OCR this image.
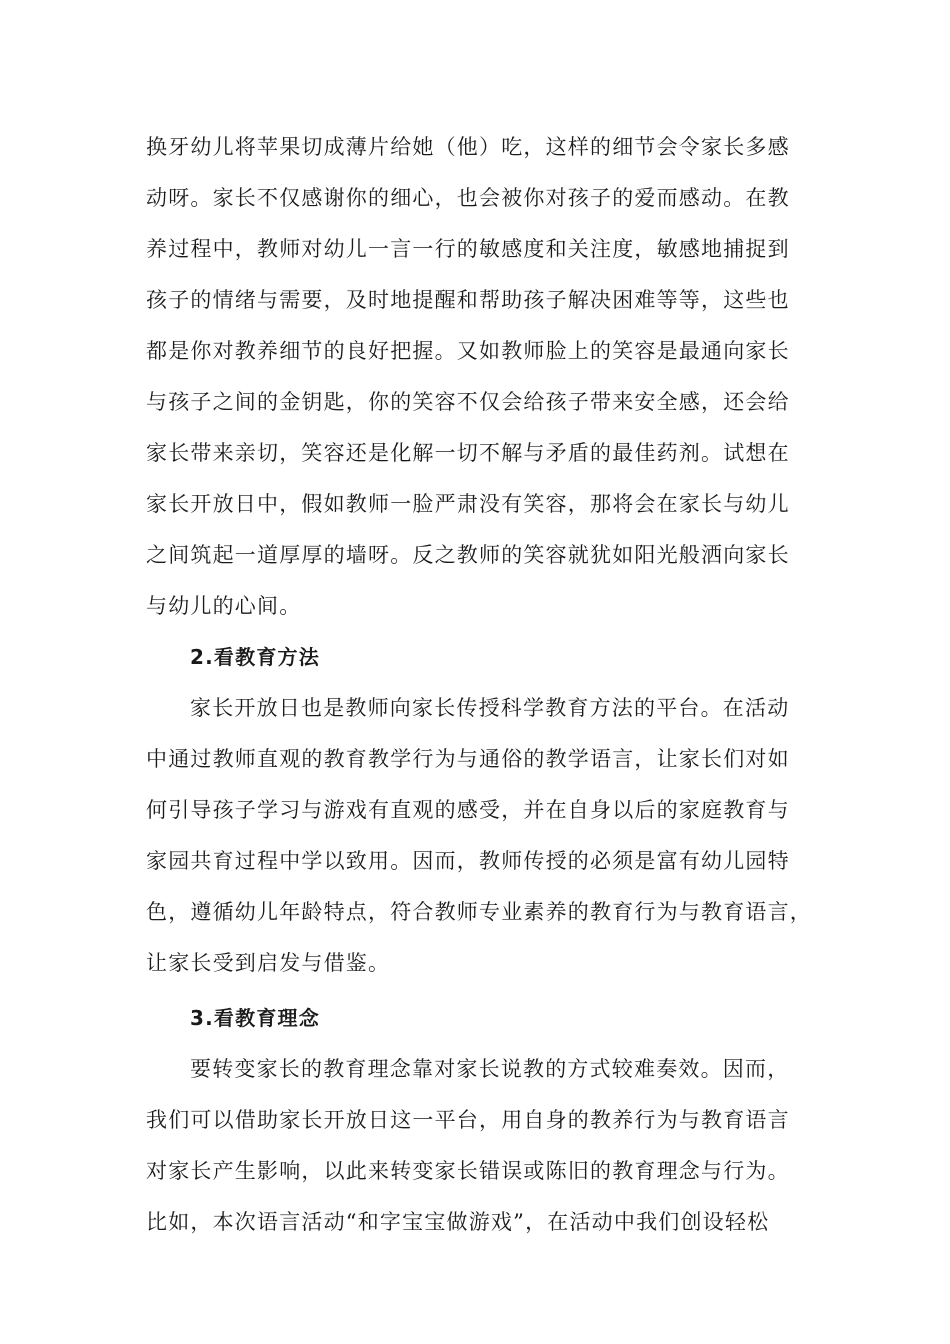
换牙幼儿将苹果切成薄片给她（他）吃，这样的细节会令家长多感
动呀。家长不仅感谢你的细心，也会被你对孩子的爱而感动。在教
养过程中，教师对幼儿一言一行的敏感度和关注度，敏感地捕捉到
孩子的情绪与需要，及时地提醒和帮助孩子解决困难等等，这些也
都是你对教养细节的良好把握。又如教师脸上的笑容是最通向家长
与孩子之间的金钥匙，你的笑容不仅会给孩子带来安全感，还会给
家长带来亲切，笑容还是化解一切不解与矛盾的最佳药剂。试想在
家长开放日中，假如教师一脸严肃没有笑容，那将会在家长与幼儿
之间筑起一道厚厚的墙呀。反之教师的笑容就犹如阳光般洒向家长
与幼儿的心间。
2.看教育方法
家长开放日也是教师向家长传授科学教育方法的平台。在活动
中通过教师直观的教育教学行为与通俗的教学语言，让家长们对如
何引导孩子学习与游戏有直观的感受，并在自身以后的家庭教育与
家园共育过程中学以致用。因而，教师传授的必须是富有幼儿园特
色，遵循幼儿年龄特点，符合教师专业素养的教育行为与教育语言，
让家长受到启发与借鉴。
3.看教育理念
要转变家长的教育理念靠对家长说教的方式较难奏效。因而，
我们可以借助家长开放日这一平台，用自身的教养行为与教育语言
对家长产生影响，以此来转变家长错误或陈旧的教育理念与行为。
比如，本次语言活动“和字宝宝做游戏”，在活动中我们创设轻松
